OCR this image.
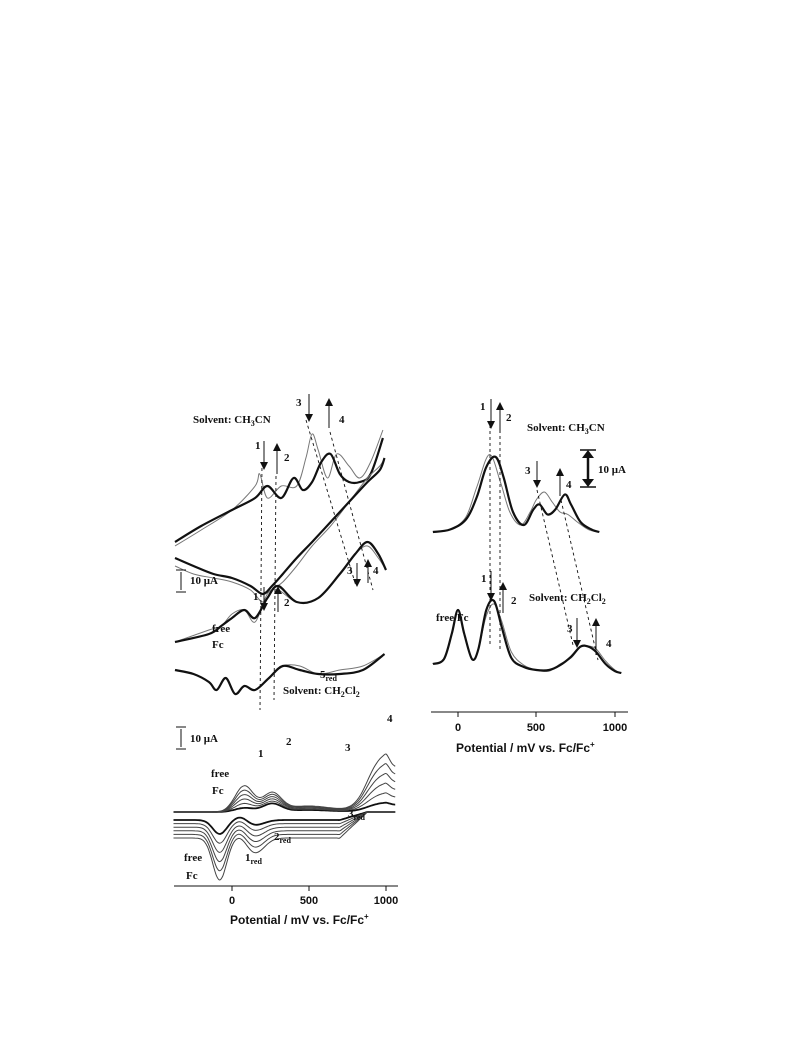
Solvent: $CH_3CN$
1
2
3
4
10 μA
1 2
3 4
free
Fc
$5_{red}$
Solvent: $CH_2Cl_2$
10 μA
1
2	3
4
free
Fc
$3_{red}$
$2_{red}$
$1_{red}$
free
Fc
0	500	1000
Potential / mV vs. Fc/Fc+
1
2
3
4
Solvent: $CH_3CN$
10 μA
1
2
3
4
Solvent: $CH_2Cl_2$
free Fc
0	500	1000
Potential / mV vs. Fc/Fc+
